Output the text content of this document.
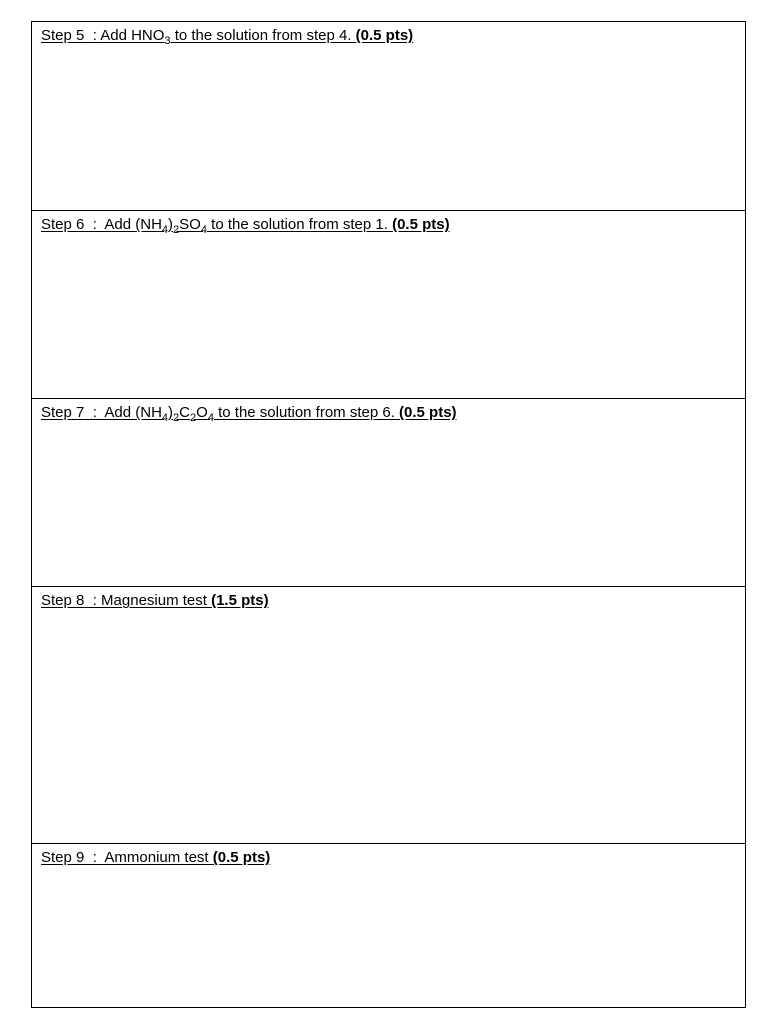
Step 5  : Add $HNO_3$ to the solution from step 4. (0.5 pts)
Step 6  :  Add $(NH_4)_2SO_4$ to the solution from step 1. (0.5 pts)
Step 7  :  Add $(NH_4)_2C_2O_4$ to the solution from step 6. (0.5 pts)
Step 8  : Magnesium test (1.5 pts)
Step 9  :  Ammonium test (0.5 pts)
